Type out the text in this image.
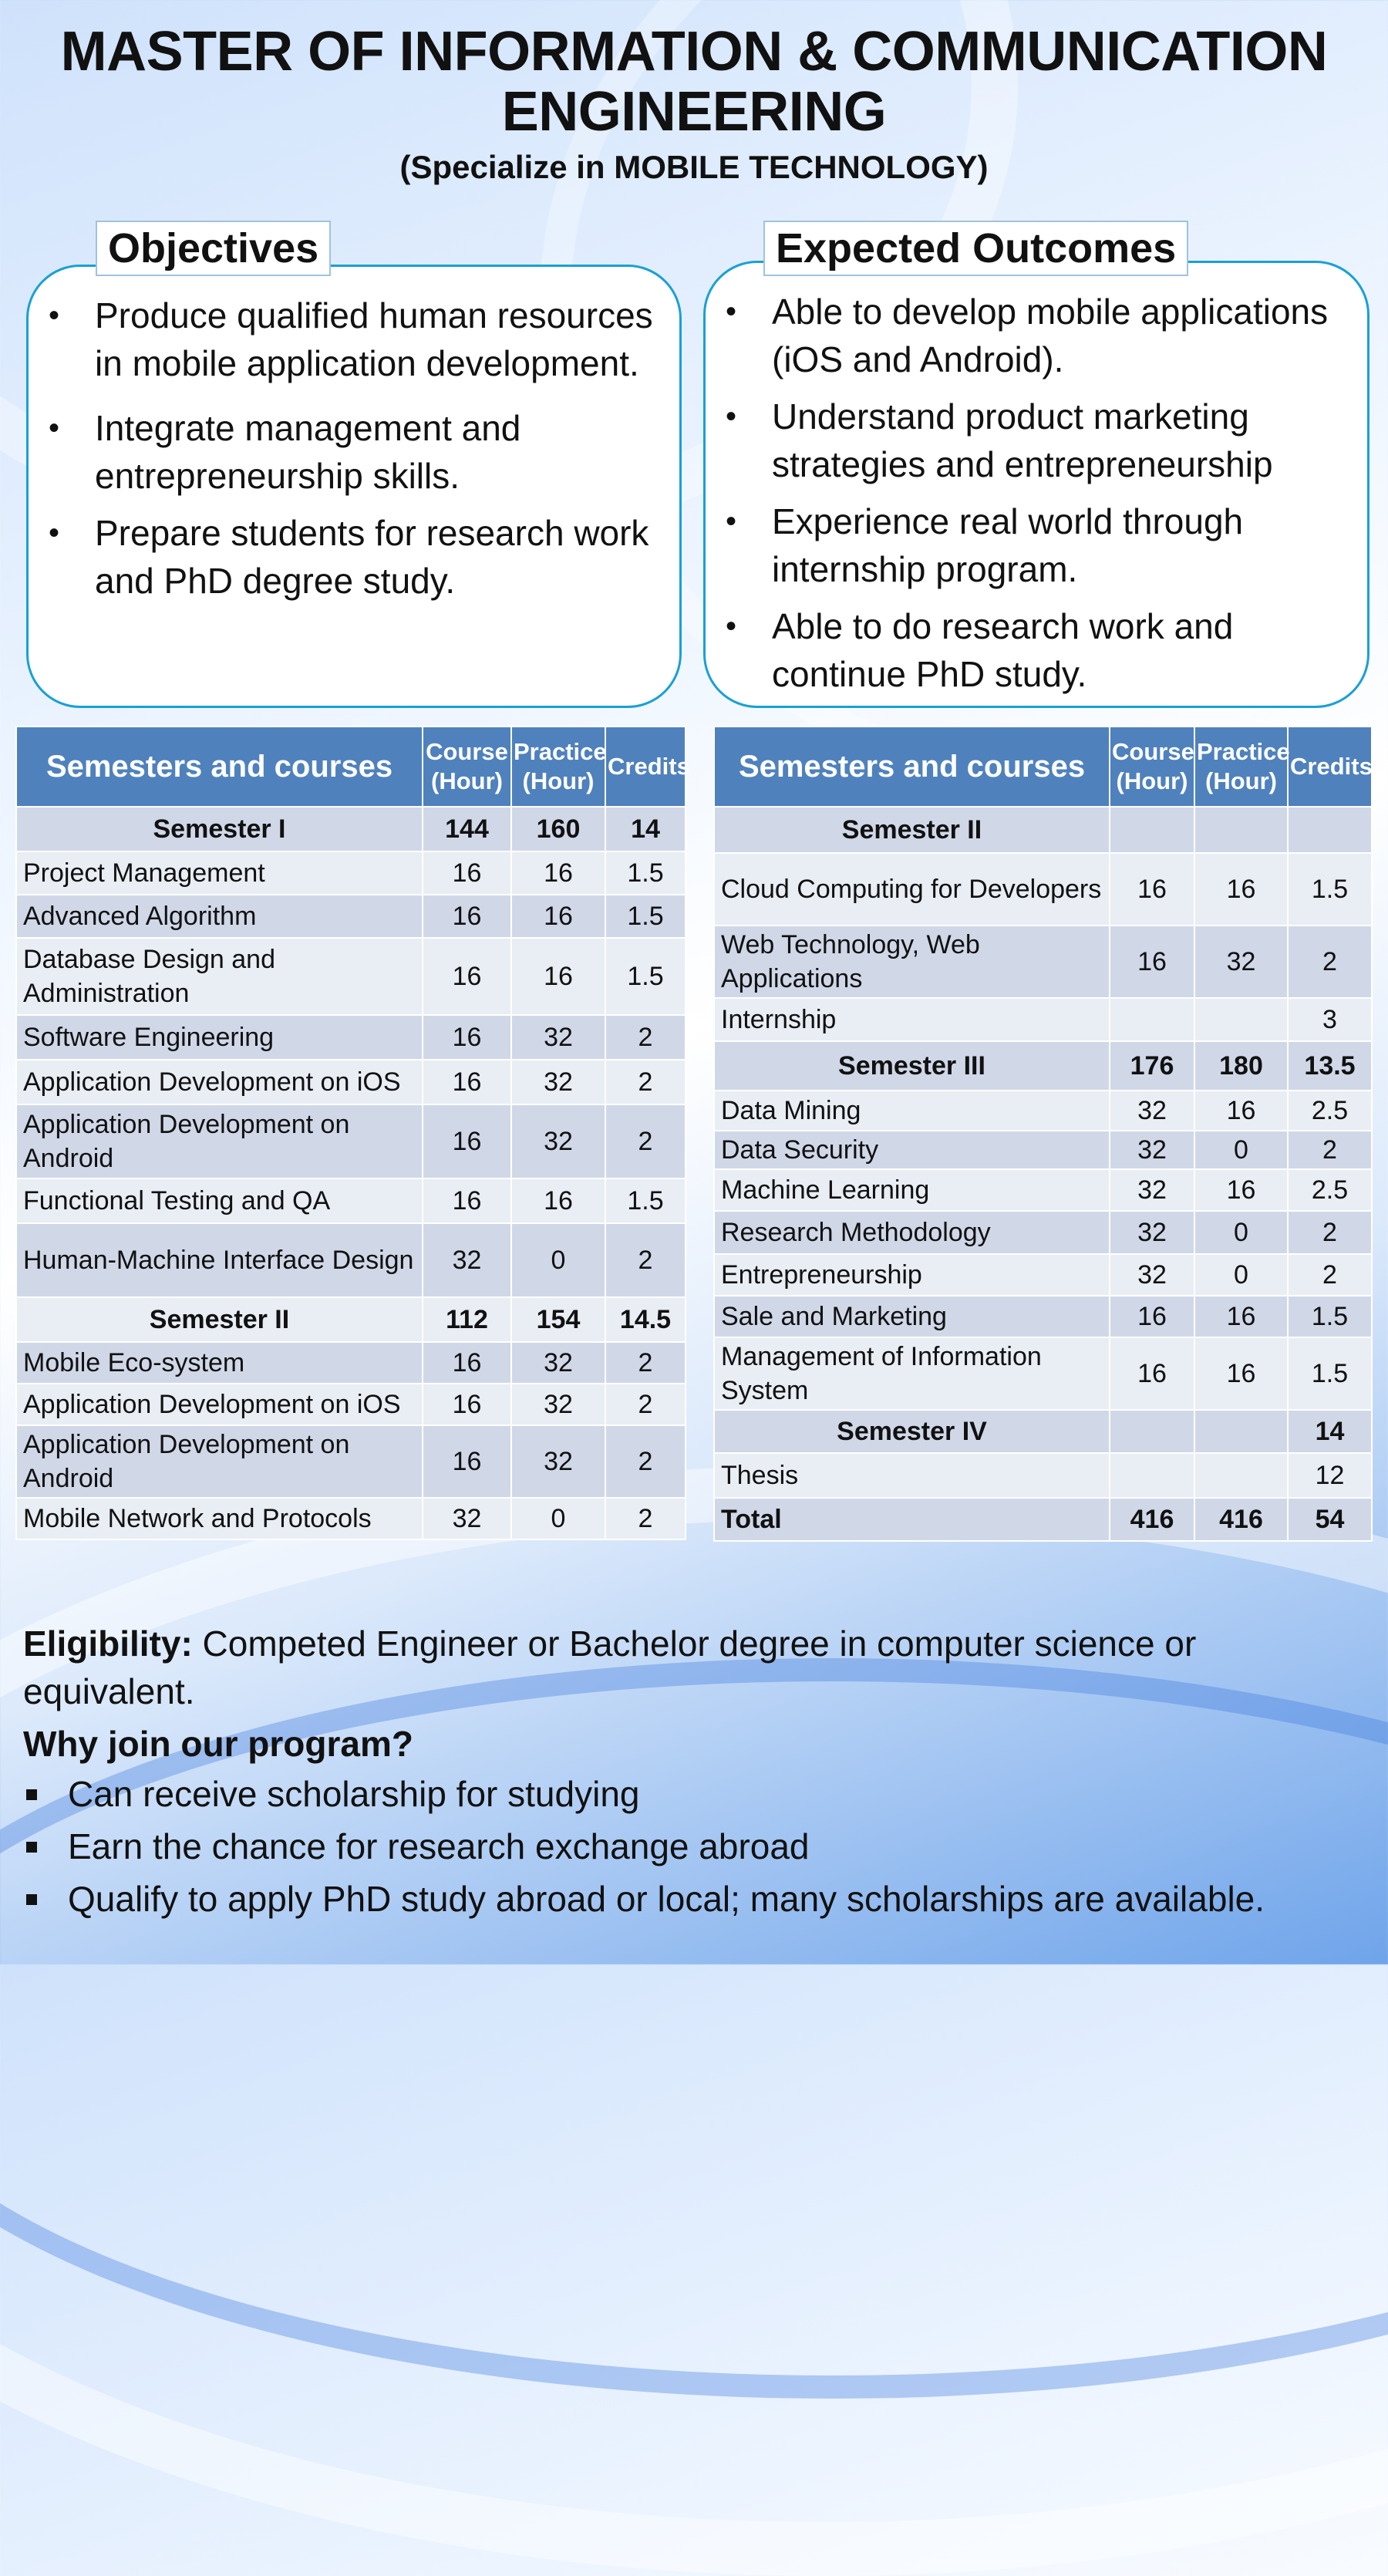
MASTER OF INFORMATION & COMMUNICATION ENGINEERING
(Specialize in MOBILE TECHNOLOGY)
• Produce qualified human resources in mobile application development.
• Integrate management and entrepreneurship skills.
• Prepare students for research work and PhD degree study.
Objectives
• Able to develop mobile applications (iOS and Android).
• Understand product marketing strategies and entrepreneurship
• Experience real world through internship program.
• Able to do research work and continue PhD study.
Expected Outcomes
Semesters and courses	Course (Hour)	Practice (Hour)	Credits
Semester I	144	160	14
Project Management	16	16	1.5
Advanced Algorithm	16	16	1.5
Database Design and Administration	16	16	1.5
Software Engineering	16	32	2
Application Development on iOS	16	32	2
Application Development on Android	16	32	2
Functional Testing and QA	16	16	1.5
Human-Machine Interface Design	32	0	2
Semester II	112	154	14.5
Mobile Eco-system	16	32	2
Application Development on iOS	16	32	2
Application Development on Android	16	32	2
Mobile Network and Protocols	32	0	2
Semesters and courses	Course (Hour)	Practice (Hour)	Credits
Semester II			
Cloud Computing for Developers	16	16	1.5
Web Technology, Web Applications	16	32	2
Internship			3
Semester III	176	180	13.5
Data Mining	32	16	2.5
Data Security	32	0	2
Machine Learning	32	16	2.5
Research Methodology	32	0	2
Entrepreneurship	32	0	2
Sale and Marketing	16	16	1.5
Management of Information System	16	16	1.5
Semester IV			14
Thesis			12
Total	416	416	54

Eligibility: Competed Engineer or Bachelor degree in computer science or equivalent.

Why join our program?

Can receive scholarship for studying
Earn the chance for research exchange abroad
Qualify to apply PhD study abroad or local; many scholarships are available.
